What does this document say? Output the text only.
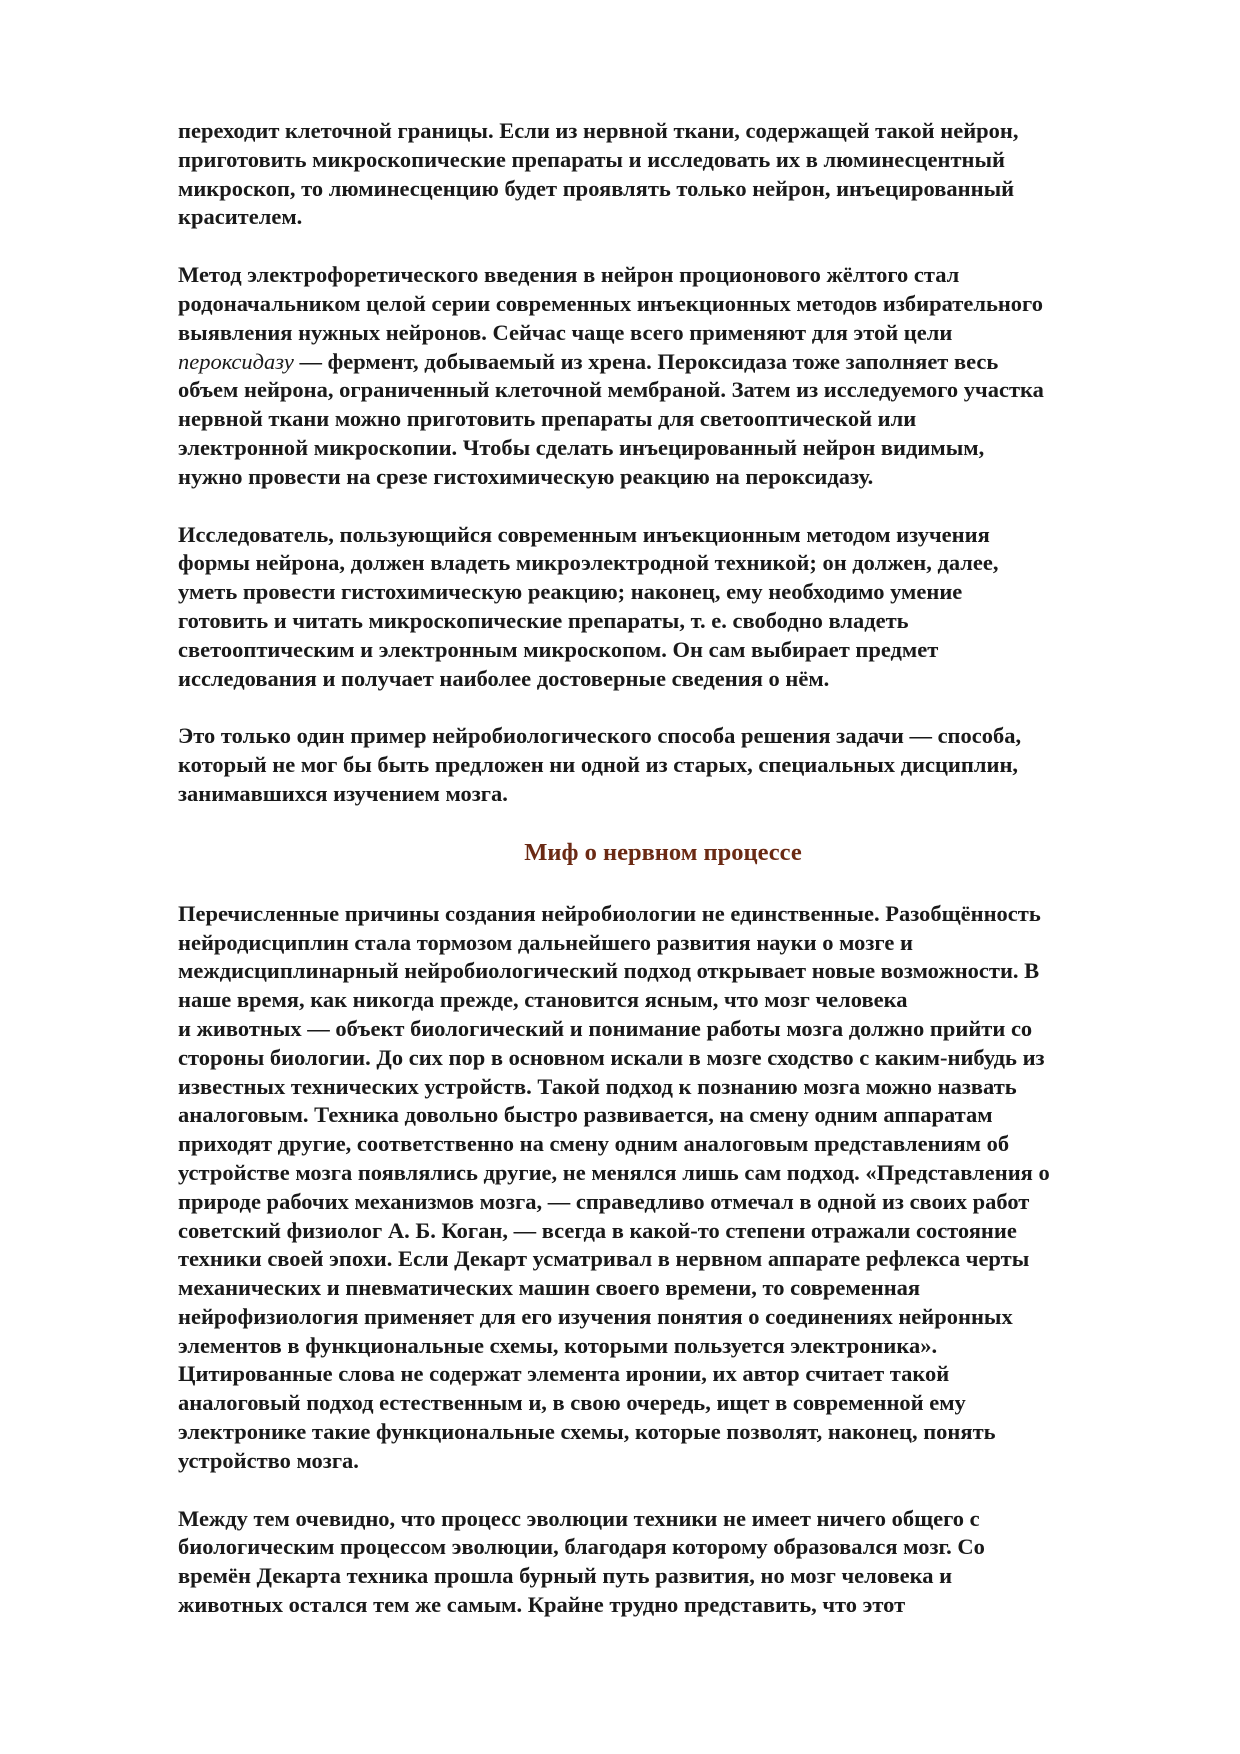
переходит клеточной границы. Если из нервной ткани, содержащей такой нейрон,
приготовить микроскопические препараты и исследовать их в люминесцентный
микроскоп, то люминесценцию будет проявлять только нейрон, инъецированный
красителем.

Метод электрофоретического введения в нейрон проционового жёлтого стал
родоначальником целой серии современных инъекционных методов избирательного
выявления нужных нейронов. Сейчас чаще всего применяют для этой цели
пероксидазу — фермент, добываемый из хрена. Пероксидаза тоже заполняет весь
объем нейрона, ограниченный клеточной мембраной. Затем из исследуемого участка
нервной ткани можно приготовить препараты для светооптической или
электронной микроскопии. Чтобы сделать инъецированный нейрон видимым,
нужно провести на срезе гистохимическую реакцию на пероксидазу.

Исследователь, пользующийся современным инъекционным методом изучения
формы нейрона, должен владеть микроэлектродной техникой; он должен, далее,
уметь провести гистохимическую реакцию; наконец, ему необходимо умение
готовить и читать микроскопические препараты, т. е. свободно владеть
светооптическим и электронным микроскопом. Он сам выбирает предмет
исследования и получает наиболее достоверные сведения о нём.

Это только один пример нейробиологического способа решения задачи — способа,
который не мог бы быть предложен ни одной из старых, специальных дисциплин,
занимавшихся изучением мозга.

Миф о нервном процессе

Перечисленные причины создания нейробиологии не единственные. Разобщённость
нейродисциплин стала тормозом дальнейшего развития науки о мозге и
междисциплинарный нейробиологический подход открывает новые возможности. В
наше время, как никогда прежде, становится ясным, что мозг человека
и животных — объект биологический и понимание работы мозга должно прийти со
стороны биологии. До сих пор в основном искали в мозге сходство с каким-нибудь из
известных технических устройств. Такой подход к познанию мозга можно назвать
аналоговым. Техника довольно быстро развивается, на смену одним аппаратам
приходят другие, соответственно на смену одним аналоговым представлениям об
устройстве мозга появлялись другие, не менялся лишь сам подход. «Представления о
природе рабочих механизмов мозга, — справедливо отмечал в одной из своих работ
советский физиолог А. Б. Коган, — всегда в какой-то степени отражали состояние
техники своей эпохи. Если Декарт усматривал в нервном аппарате рефлекса черты
механических и пневматических машин своего времени, то современная
нейрофизиология применяет для его изучения понятия о соединениях нейронных
элементов в функциональные схемы, которыми пользуется электроника».
Цитированные слова не содержат элемента иронии, их автор считает такой
аналоговый подход естественным и, в свою очередь, ищет в современной ему
электронике такие функциональные схемы, которые позволят, наконец, понять
устройство мозга.

Между тем очевидно, что процесс эволюции техники не имеет ничего общего с
биологическим процессом эволюции, благодаря которому образовался мозг. Со
времён Декарта техника прошла бурный путь развития, но мозг человека и
животных остался тем же самым. Крайне трудно представить, что этот
